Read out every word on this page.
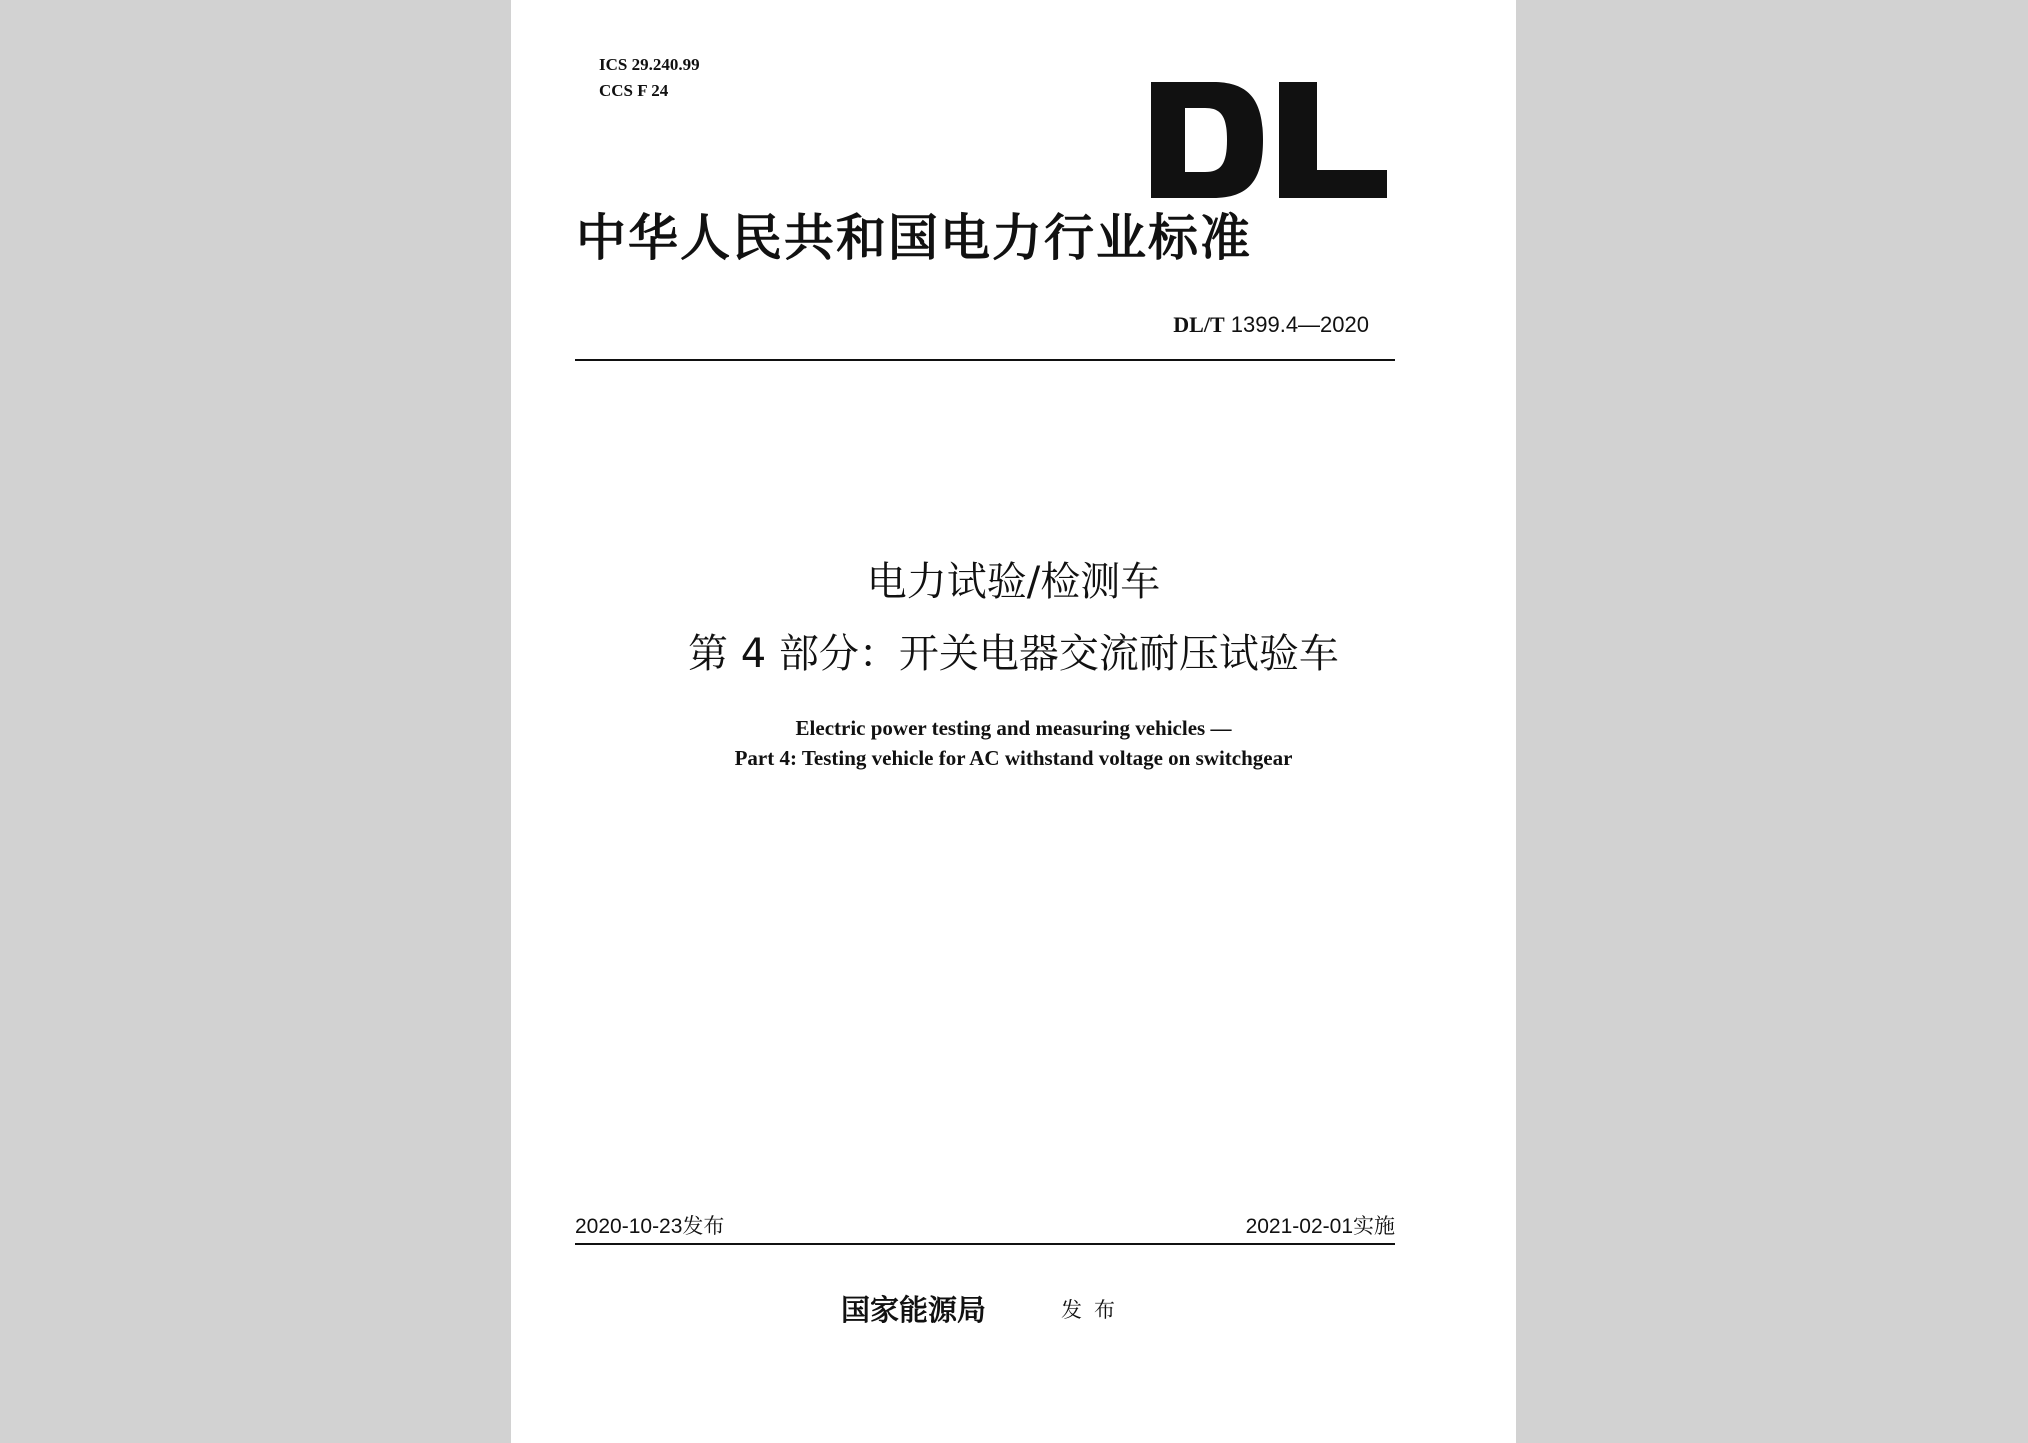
ICS 29.240.99
CCS F 24
中华人民共和国电力行业标准
DL/T 1399.4—2020
电力试验/检测车
第 4 部分：开关电器交流耐压试验车
Electric power testing and measuring vehicles —
Part 4: Testing vehicle for AC withstand voltage on switchgear
2020-10-23发布	2021-02-01实施
国家能源局	发布
